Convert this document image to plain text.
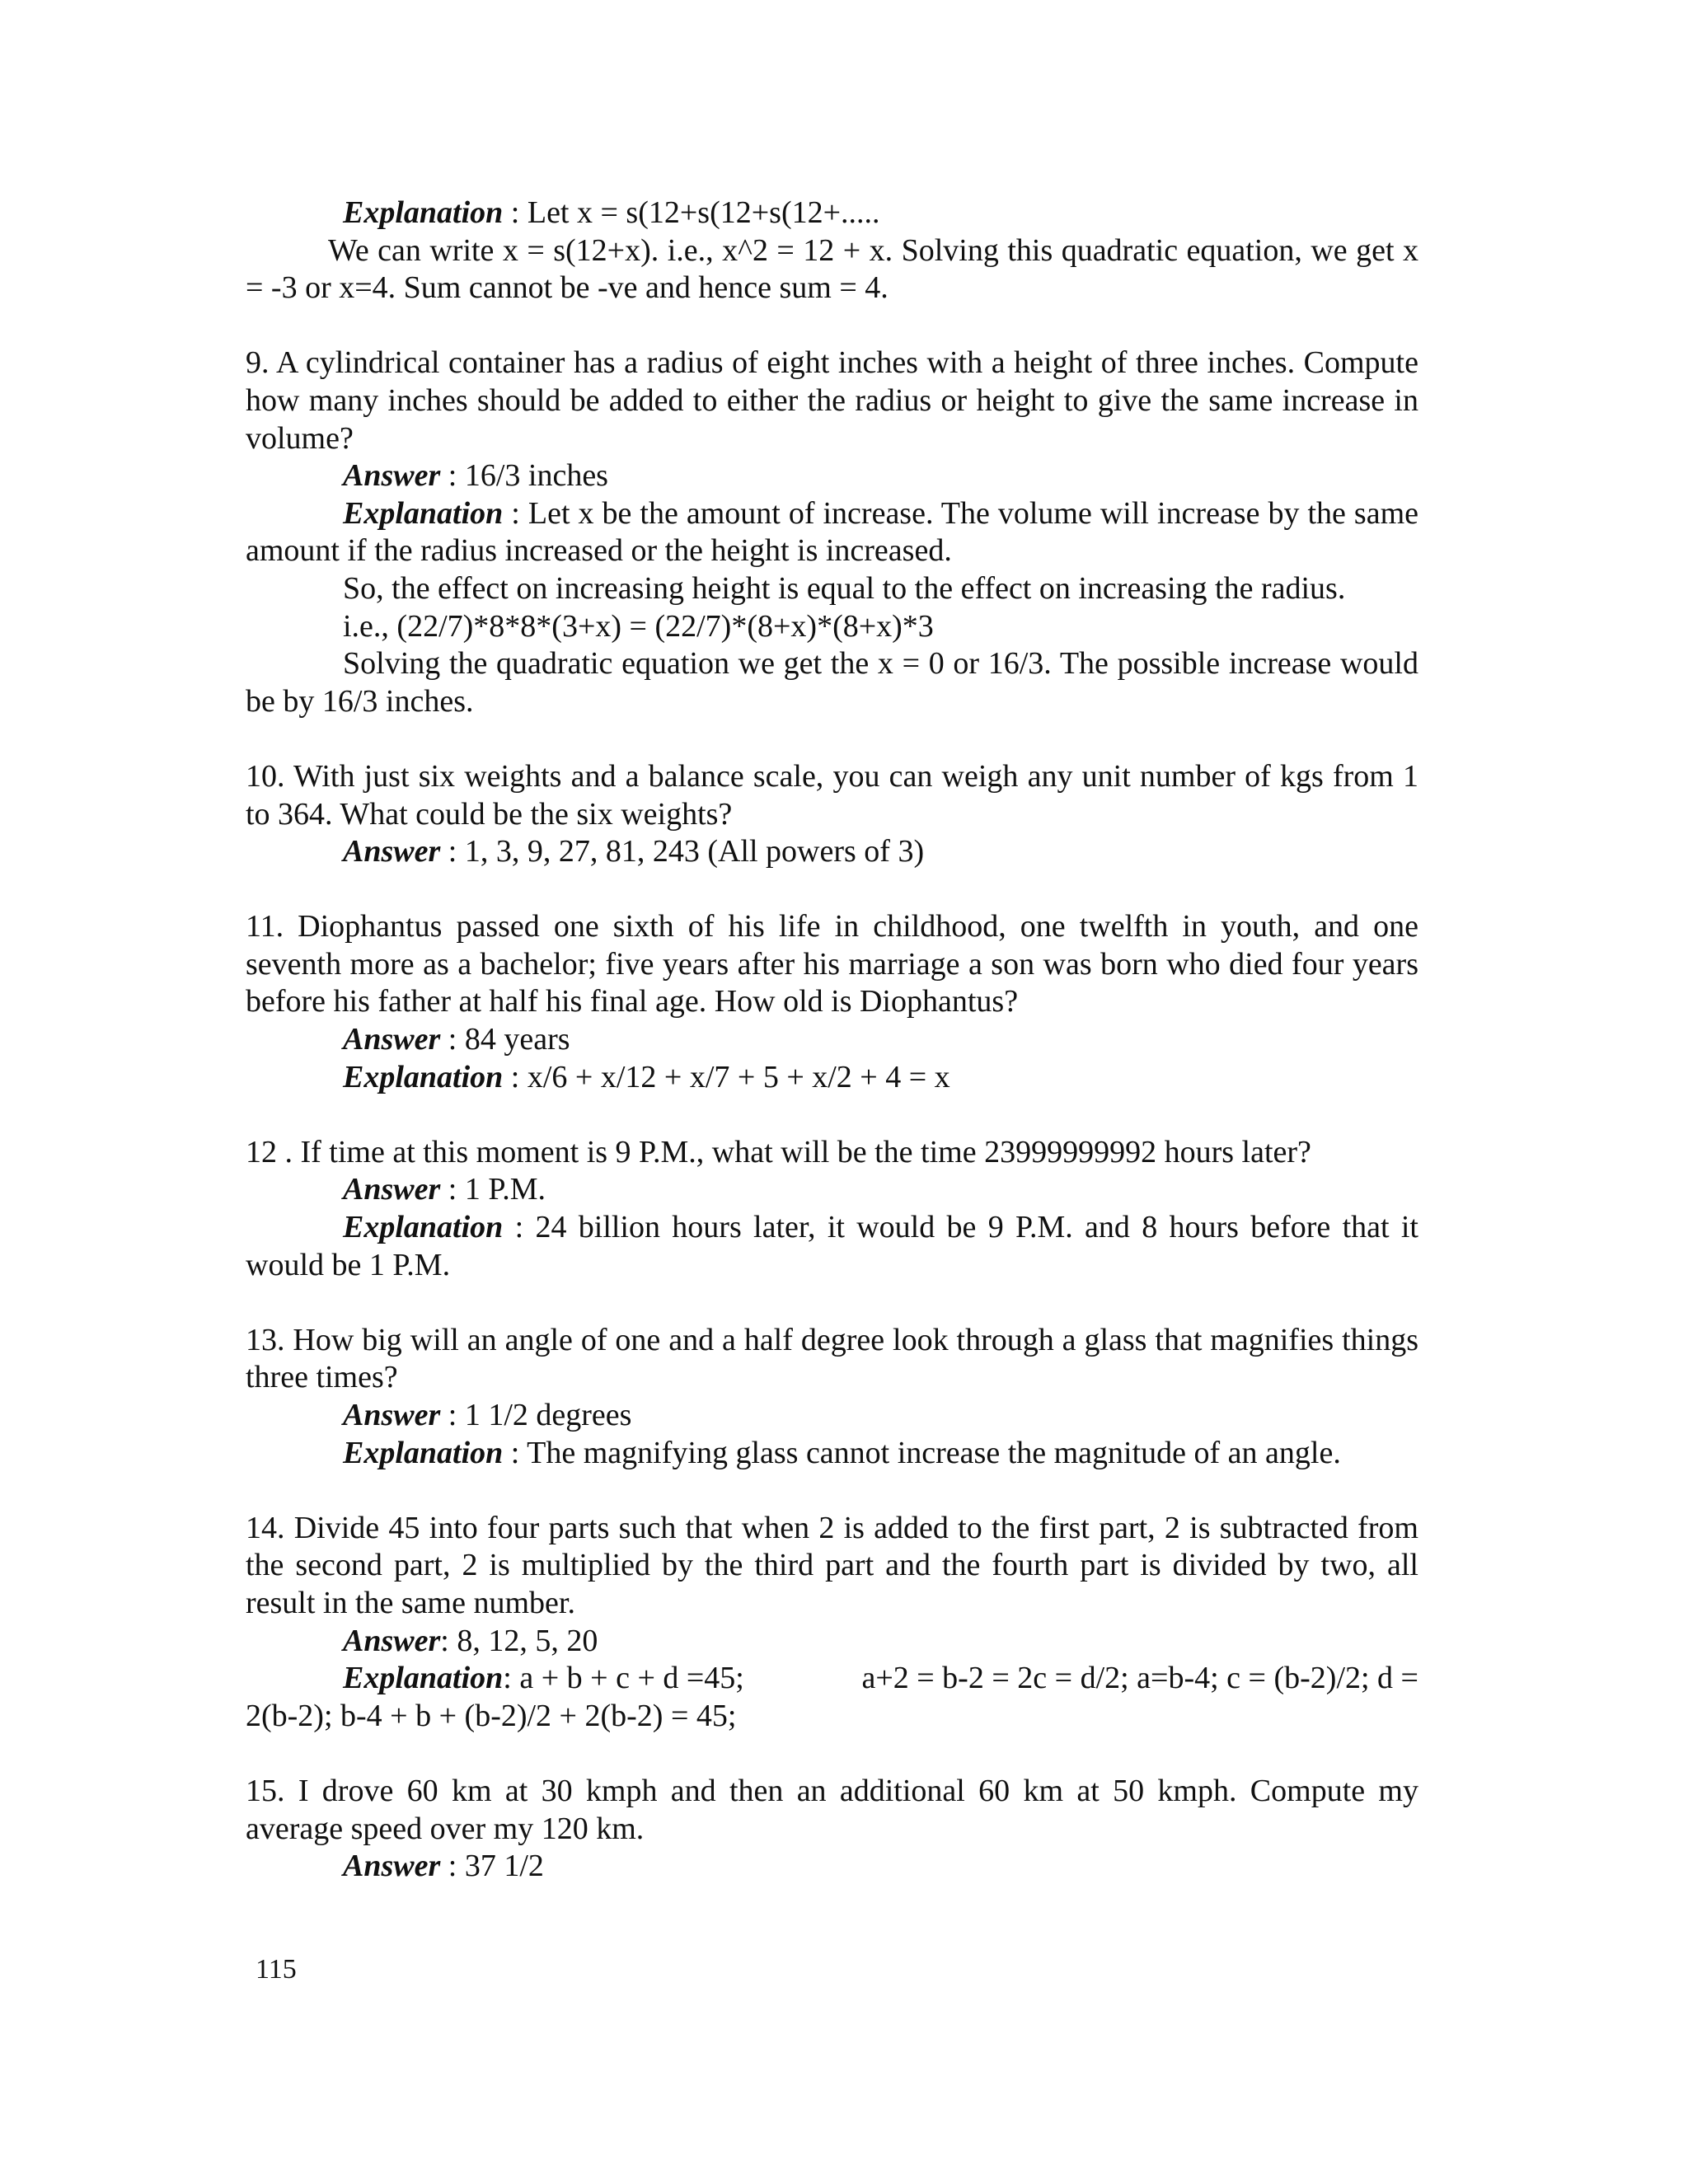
Explanation : Let x = s(12+s(12+s(12+.....
We can write x = s(12+x). i.e., x^2 = 12 + x. Solving this quadratic equation, we get x = -3 or x=4. Sum cannot be -ve and hence sum = 4.
9. A cylindrical container has a radius of eight inches with a height of three inches. Compute how many inches should be added to either the radius or height to give the same increase in volume?
Answer : 16/3 inches
Explanation : Let x be the amount of increase. The volume will increase by the same amount if the radius increased or the height is increased.
So, the effect on increasing height is equal to the effect on increasing the radius.
i.e., (22/7)*8*8*(3+x) = (22/7)*(8+x)*(8+x)*3
Solving the quadratic equation we get the x = 0 or 16/3. The possible increase would be by 16/3 inches.
10. With just six weights and a balance scale, you can weigh any unit number of kgs from 1 to 364. What could be the six weights?
Answer : 1, 3, 9, 27, 81, 243 (All powers of 3)
11. Diophantus passed one sixth of his life in childhood, one twelfth in youth, and one seventh more as a bachelor; five years after his marriage a son was born who died four years before his father at half his final age. How old is Diophantus?
Answer : 84 years
Explanation : x/6 + x/12 + x/7 + 5 + x/2 + 4 = x
12 . If time at this moment is 9 P.M., what will be the time 23999999992 hours later?
Answer : 1 P.M.
Explanation : 24 billion hours later, it would be 9 P.M. and 8 hours before that it would be 1 P.M.
13. How big will an angle of one and a half degree look through a glass that magnifies things three times?
Answer : 1 1/2 degrees
Explanation : The magnifying glass cannot increase the magnitude of an angle.
14. Divide 45 into four parts such that when 2 is added to the first part, 2 is subtracted from the second part, 2 is multiplied by the third part and the fourth part is divided by two, all result in the same number.
Answer: 8, 12, 5, 20
Explanation: a + b + c + d =45;	a+2 = b-2 = 2c = d/2; a=b-4; c = (b-2)/2; d =
2(b-2); b-4 + b + (b-2)/2 + 2(b-2) = 45;
15. I drove 60 km at 30 kmph and then an additional 60 km at 50 kmph. Compute my average speed over my 120 km.
Answer : 37 1/2
115
